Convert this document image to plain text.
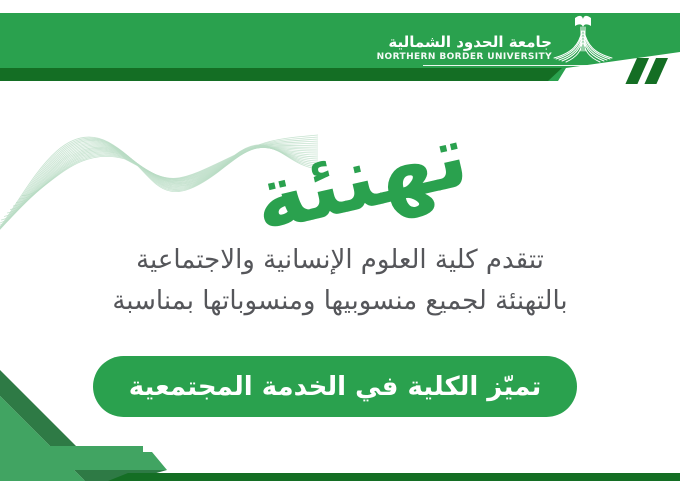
جامعة الحدود الشمالية
NORTHERN BORDER UNIVERSITY
تهنئة
تتقدم كلية العلوم الإنسانية والاجتماعية
بالتهنئة لجميع منسوبيها ومنسوباتها بمناسبة
تميّز الكلية في الخدمة المجتمعية
